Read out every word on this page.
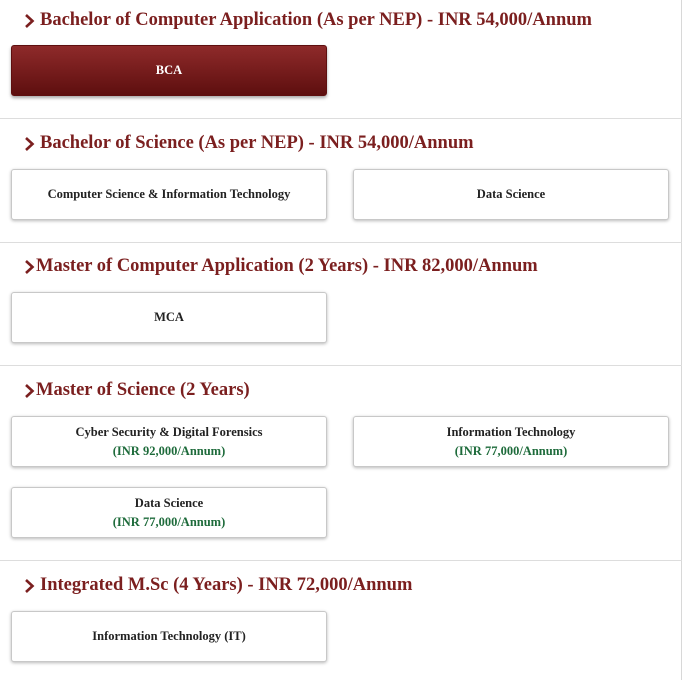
Bachelor of Computer Application (As per NEP) - INR 54,000/Annum
BCA
Bachelor of Science (As per NEP) - INR 54,000/Annum
Computer Science & Information Technology	Data Science
Master of Computer Application (2 Years) - INR 82,000/Annum
MCA
Master of Science (2 Years)
Cyber Security & Digital Forensics
(INR 92,000/Annum)
Information Technology
(INR 77,000/Annum)
Data Science
(INR 77,000/Annum)
Integrated M.Sc (4 Years) - INR 72,000/Annum
Information Technology (IT)
